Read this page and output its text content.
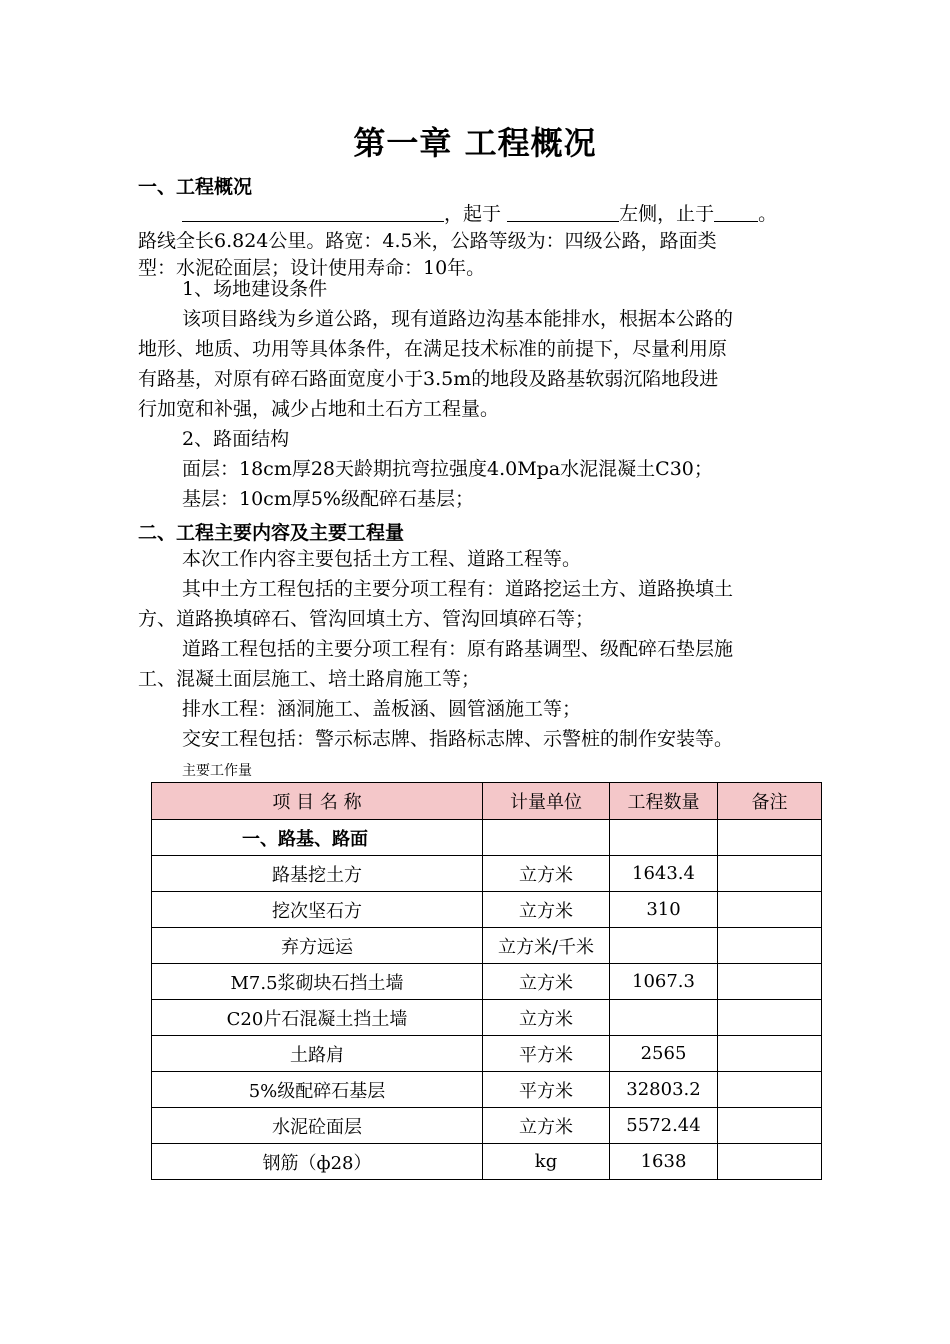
第一章 工程概况
一、工程概况
，起于	左侧，止于 。
路线全长6.824公里。路宽：4.5米，公路等级为：四级公路，路面类
型：水泥砼面层；设计使用寿命：10年。
1、场地建设条件
该项目路线为乡道公路，现有道路边沟基本能排水，根据本公路的
地形、地质、功用等具体条件，在满足技术标准的前提下，尽量利用原
有路基，对原有碎石路面宽度小于3.5m的地段及路基软弱沉陷地段进
行加宽和补强，减少占地和土石方工程量。
2、路面结构
面层：18cm厚28天龄期抗弯拉强度4.0Mpa水泥混凝土C30；
基层：10cm厚5%级配碎石基层；
二、工程主要内容及主要工程量
本次工作内容主要包括土方工程、道路工程等。
其中土方工程包括的主要分项工程有：道路挖运土方、道路换填土
方、道路换填碎石、管沟回填土方、管沟回填碎石等；
道路工程包括的主要分项工程有：原有路基调型、级配碎石垫层施
工、混凝土面层施工、培土路肩施工等；
排水工程：涵洞施工、盖板涵、圆管涵施工等；
交安工程包括：警示标志牌、指路标志牌、示警桩的制作安装等。
主要工作量
项 目 名 称	计量单位	工程数量	备注
一、路基、路面			
路基挖土方	立方米	1643.4	
挖次坚石方	立方米	310	
弃方远运	立方米/千米		
M7.5浆砌块石挡土墙	立方米	1067.3	
C20片石混凝土挡土墙	立方米		
土路肩	平方米	2565	
5%级配碎石基层	平方米	32803.2	
水泥砼面层	立方米	5572.44	
钢筋（ф28）	kg	1638	
